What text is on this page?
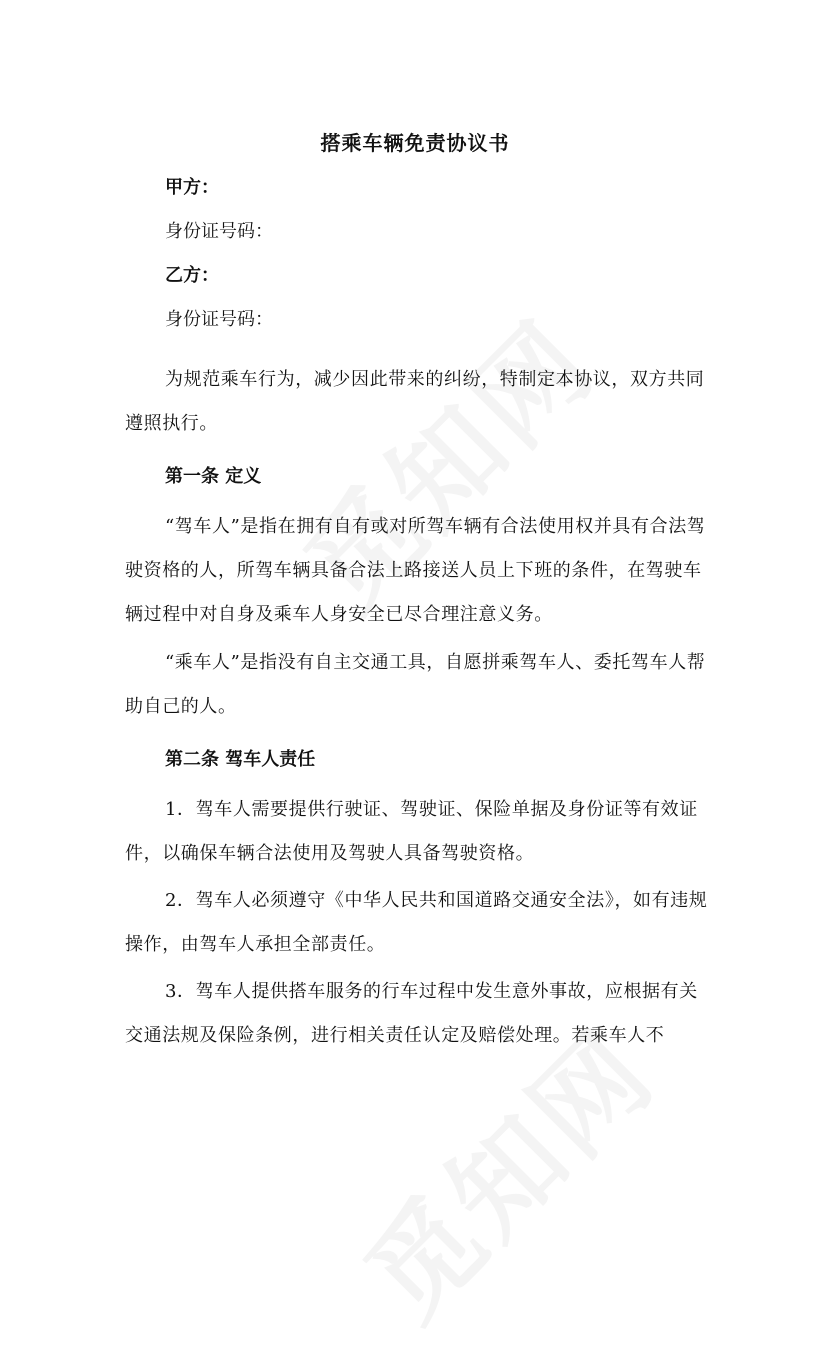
搭乘车辆免责协议书
甲方：
身份证号码：
乙方：
身份证号码：
为规范乘车行为，减少因此带来的纠纷，特制定本协议，双方共同遵照执行。
第一条 定义
“驾车人”是指在拥有自有或对所驾车辆有合法使用权并具有合法驾驶资格的人，所驾车辆具备合法上路接送人员上下班的条件，在驾驶车辆过程中对自身及乘车人身安全已尽合理注意义务。
“乘车人”是指没有自主交通工具，自愿拼乘驾车人、委托驾车人帮助自己的人。
第二条 驾车人责任
1．驾车人需要提供行驶证、驾驶证、保险单据及身份证等有效证件，以确保车辆合法使用及驾驶人具备驾驶资格。
2．驾车人必须遵守《中华人民共和国道路交通安全法》，如有违规操作，由驾车人承担全部责任。
3．驾车人提供搭车服务的行车过程中发生意外事故，应根据有关交通法规及保险条例，进行相关责任认定及赔偿处理。若乘车人不
